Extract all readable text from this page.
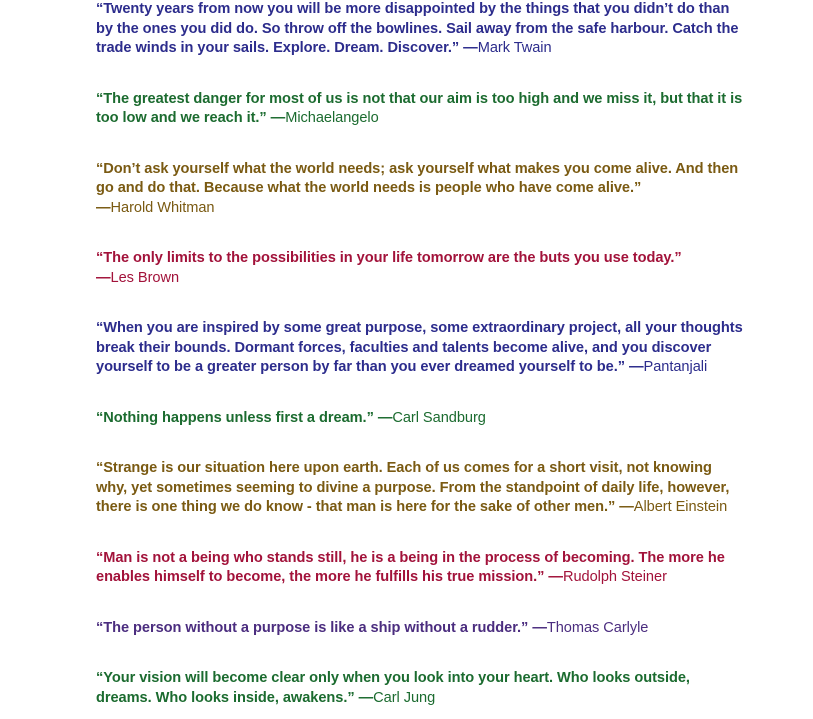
“Twenty years from now you will be more disappointed by the things that you didn’t do than by the ones you did do. So throw off the bowlines. Sail away from the safe harbour. Catch the trade winds in your sails. Explore. Dream. Discover.” —Mark Twain
“The greatest danger for most of us is not that our aim is too high and we miss it, but that it is too low and we reach it.” —Michaelangelo
“Don’t ask yourself what the world needs; ask yourself what makes you come alive. And then go and do that. Because what the world needs is people who have come alive.” —Harold Whitman
“The only limits to the possibilities in your life tomorrow are the buts you use today.” —Les Brown
“When you are inspired by some great purpose, some extraordinary project, all your thoughts break their bounds. Dormant forces, faculties and talents become alive, and you discover yourself to be a greater person by far than you ever dreamed yourself to be.” —Pantanjali
“Nothing happens unless first a dream.” —Carl Sandburg
“Strange is our situation here upon earth. Each of us comes for a short visit, not knowing why, yet sometimes seeming to divine a purpose. From the standpoint of daily life, however, there is one thing we do know - that man is here for the sake of other men.” —Albert Einstein
“Man is not a being who stands still, he is a being in the process of becoming. The more he enables himself to become, the more he fulfills his true mission.” —Rudolph Steiner
“The person without a purpose is like a ship without a rudder.” —Thomas Carlyle
“Your vision will become clear only when you look into your heart. Who looks outside, dreams. Who looks inside, awakens.” —Carl Jung
